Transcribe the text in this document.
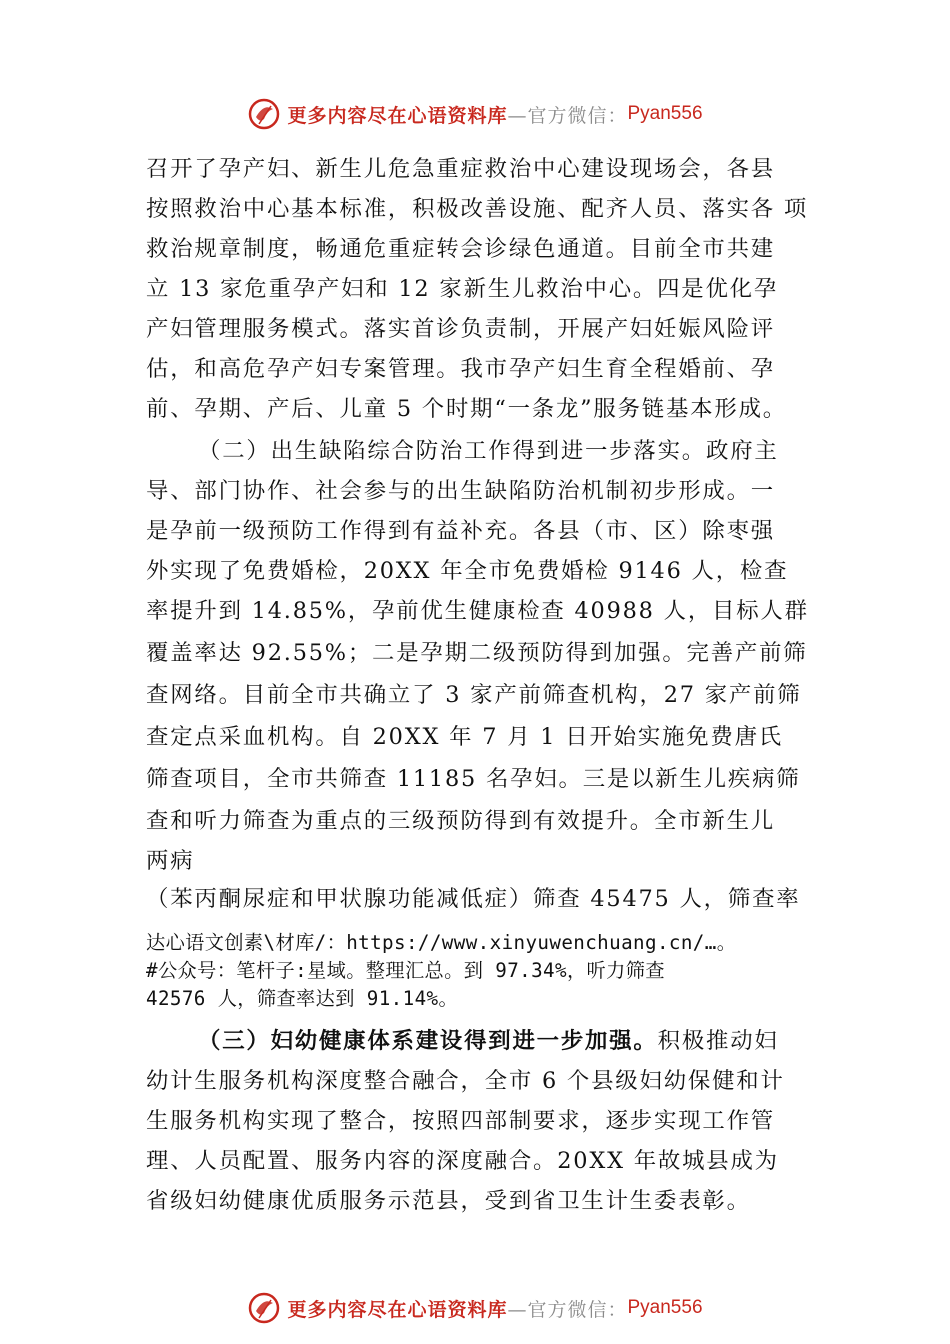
更多内容尽在心语资料库 —官方微信： Pyan556
召开了孕产妇、新生儿危急重症救治中心建设现场会，各县
按照救治中心基本标准，积极改善设施、配齐人员、落实各 项
救治规章制度，畅通危重症转会诊绿色通道。目前全市共建
立 13 家危重孕产妇和 12 家新生儿救治中心。四是优化孕
产妇管理服务模式。落实首诊负责制，开展产妇妊娠风险评
估，和高危孕产妇专案管理。我市孕产妇生育全程婚前、孕
前、孕期、产后、儿童 5 个时期“一条龙”服务链基本形成。
（二）出生缺陷综合防治工作得到进一步落实。政府主
导、部门协作、社会参与的出生缺陷防治机制初步形成。一
是孕前一级预防工作得到有益补充。各县（市、区）除枣强
外实现了免费婚检，20XX 年全市免费婚检 9146 人，检查
率提升到 14.85%，孕前优生健康检查 40988 人，目标人群
覆盖率达 92.55%；二是孕期二级预防得到加强。完善产前筛
查网络。目前全市共确立了 3 家产前筛查机构，27 家产前筛
查定点采血机构。自 20XX 年 7 月 1 日开始实施免费唐氏
筛查项目，全市共筛查 11185 名孕妇。三是以新生儿疾病筛
查和听力筛查为重点的三级预防得到有效提升。全市新生儿
两病
（苯丙酮尿症和甲状腺功能减低症）筛查 45475 人，筛查率
达心语文创素\材库/：https://www.xinyuwenchuang.cn/…。
#公众号：笔杆子:星域。整理汇总。到 97.34%，听力筛查
42576 人，筛查率达到 91.14%。
（三）妇幼健康体系建设得到进一步加强。积极推动妇
幼计生服务机构深度整合融合，全市 6 个县级妇幼保健和计
生服务机构实现了整合，按照四部制要求，逐步实现工作管
理、人员配置、服务内容的深度融合。20XX 年故城县成为
省级妇幼健康优质服务示范县，受到省卫生计生委表彰。
更多内容尽在心语资料库 —官方微信： Pyan556
